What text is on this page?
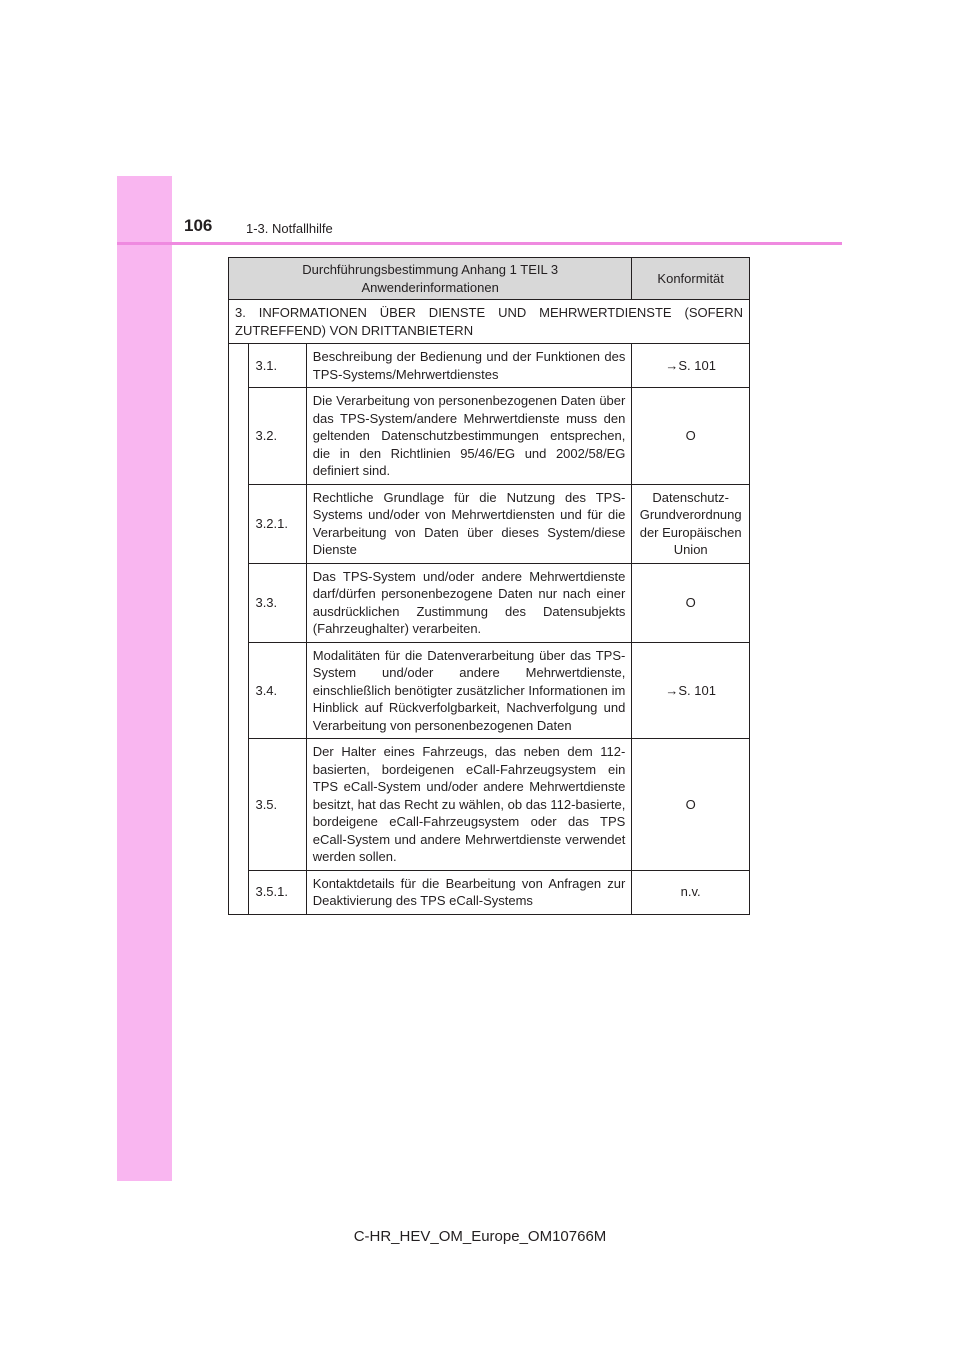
106	1-3. Notfallhilfe
Durchführungsbestimmung Anhang 1 TEIL 3 Anwenderinformationen			Konformität
3. INFORMATIONEN ÜBER DIENSTE UND MEHRWERTDIENSTE (SOFERN ZUTREFFEND) VON DRITTANBIETERN			
	3.1.	Beschreibung der Bedienung und der Funktionen des TPS-Systems/Mehrwertdienstes	→S. 101
	3.2.	Die Verarbeitung von personenbezogenen Daten über das TPS-System/andere Mehrwertdienste muss den geltenden Datenschutzbestimmungen entsprechen, die in den Richtlinien 95/46/EG und 2002/58/EG definiert sind.	O
	3.2.1.	Rechtliche Grundlage für die Nutzung des TPS-Systems und/oder von Mehrwertdiensten und für die Verarbeitung von Daten über dieses System/diese Dienste	Datenschutz-Grundverordnung der Europäischen Union
	3.3.	Das TPS-System und/oder andere Mehrwertdienste darf/dürfen personenbezogene Daten nur nach einer ausdrücklichen Zustimmung des Datensubjekts (Fahrzeughalter) verarbeiten.	O
	3.4.	Modalitäten für die Datenverarbeitung über das TPS-System und/oder andere Mehrwertdienste, einschließlich benötigter zusätzlicher Informationen im Hinblick auf Rückverfolgbarkeit, Nachverfolgung und Verarbeitung von personenbezogenen Daten	→S. 101
	3.5.	Der Halter eines Fahrzeugs, das neben dem 112-basierten, bordeigenen eCall-Fahrzeugsystem ein TPS eCall-System und/oder andere Mehrwertdienste besitzt, hat das Recht zu wählen, ob das 112-basierte, bordeigene eCall-Fahrzeugsystem oder das TPS eCall-System und andere Mehrwertdienste verwendet werden sollen.	O
	3.5.1.	Kontaktdetails für die Bearbeitung von Anfragen zur Deaktivierung des TPS eCall-Systems	n.v.
C-HR_HEV_OM_Europe_OM10766M
